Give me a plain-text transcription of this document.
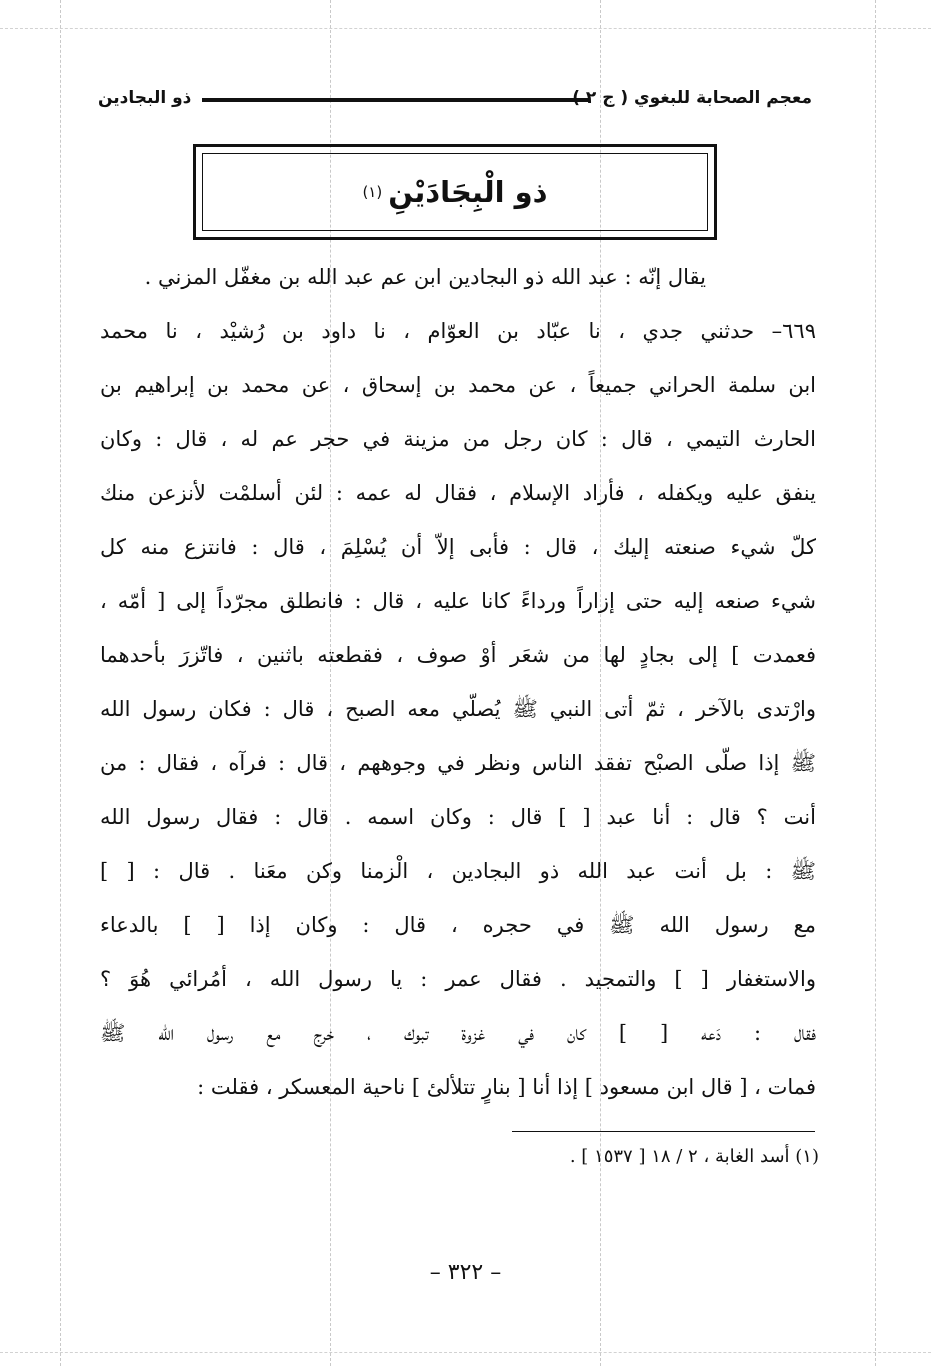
معجم الصحابة للبغوي ( ج ٢ )
ذو البجادين
ذو الْبِجَادَيْنِ
(١)
يقال إنّه : عبد الله ذو البجادين ابن عم عبد الله بن مغفّل المزني .
٦٦٩– حدثني جدي ، نا عبّاد بن العوّام ، نا داود بن رُشيْد ، نا محمد
ابن سلمة الحراني جميعاً ، عن محمد بن إسحاق ، عن محمد بن إبراهيم بن
الحارث التيمي ، قال : كان رجل من مزينة في حجر عم له ، قال : وكان
ينفق عليه ويكفله ، فأراد الإسلام ، فقال له عمه : لئن أسلمْت لأنزعن منك
كلّ شيء صنعته إليك ، قال : فأبى إلاّ أن يُسْلِمَ ، قال : فانتزع منه كل
شيء صنعه إليه حتى إزاراً ورداءً كانا عليه ، قال : فانطلق مجرّداً إلى [ أمّه ،
فعمدت ] إلى بجادٍ لها من شعَر أوْ صوف ، فقطعته باثنين ، فاتّزرَ بأحدهما
وارْتدى بالآخر ، ثمّ أتى النبي ﷺ يُصلّي معه الصبح ، قال : فكان رسول الله
ﷺ إذا صلّى الصبْح تفقد الناس ونظر في وجوههم ، قال : فرآه ، فقال : من
أنت ؟ قال : أنا عبد [ ] قال : وكان اسمه . قال : فقال رسول الله
ﷺ : بل أنت عبد الله ذو البجادين ، الْزمنا وكن معَنا . قال : [ ]
مع رسول الله ﷺ في حجره ، قال : وكان إذا [ ] بالدعاء
والاستغفار [ ] والتمجيد . فقال عمر : يا رسول الله ، أمُرائي هُوَ ؟
فقال : دَعه [ ] كان في غزوة تبوك ، خرج مع رسول الله ﷺ
فمات ، [ قال ابن مسعود ] إذا أنا [ بنارٍ تتلألئ ] ناحية المعسكر ، فقلت :
(١) أسد الغابة ، ٢ / ١٨ [ ١٥٣٧ ] .
– ٣٢٢ –
